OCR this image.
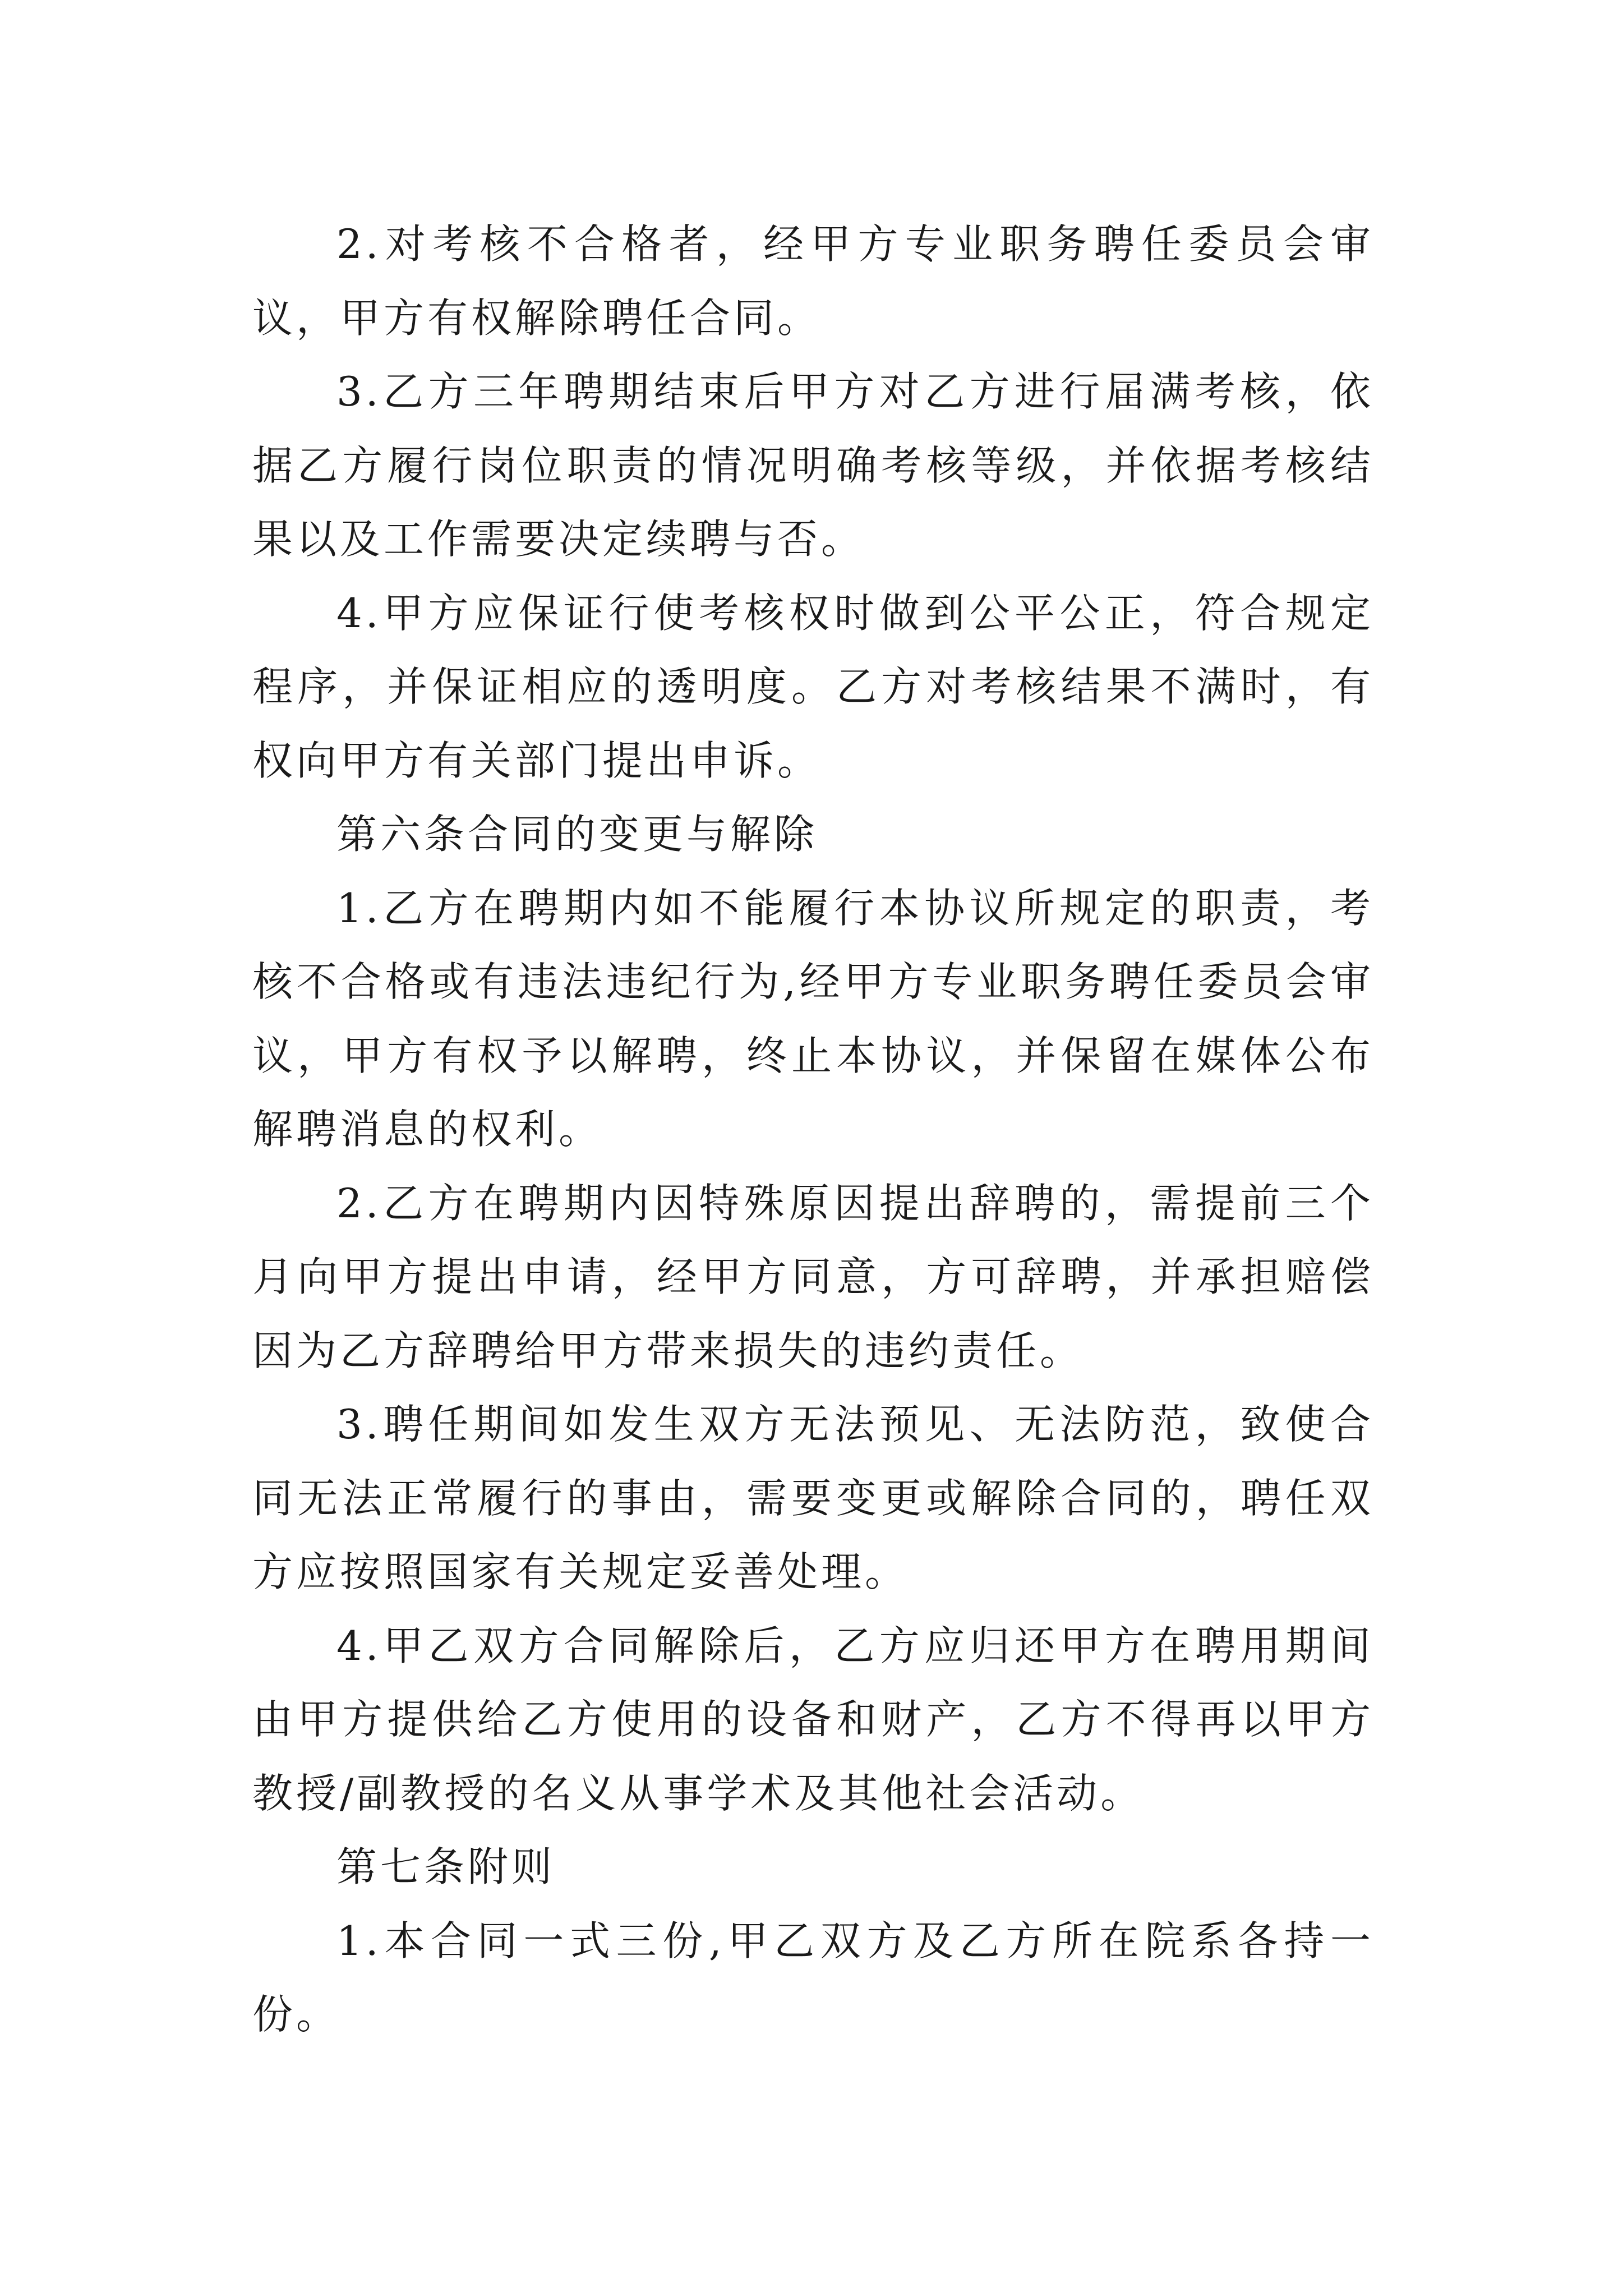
2.对考核不合格者，经甲方专业职务聘任委员会审议，甲方有权解除聘任合同。

3.乙方三年聘期结束后甲方对乙方进行届满考核，依据乙方履行岗位职责的情况明确考核等级，并依据考核结果以及工作需要决定续聘与否。

4.甲方应保证行使考核权时做到公平公正，符合规定程序，并保证相应的透明度。乙方对考核结果不满时，有权向甲方有关部门提出申诉。

第六条合同的变更与解除

1.乙方在聘期内如不能履行本协议所规定的职责，考核不合格或有违法违纪行为,经甲方专业职务聘任委员会审议，甲方有权予以解聘，终止本协议，并保留在媒体公布解聘消息的权利。

2.乙方在聘期内因特殊原因提出辞聘的，需提前三个月向甲方提出申请，经甲方同意，方可辞聘，并承担赔偿因为乙方辞聘给甲方带来损失的违约责任。

3.聘任期间如发生双方无法预见、无法防范，致使合同无法正常履行的事由，需要变更或解除合同的，聘任双方应按照国家有关规定妥善处理。

4.甲乙双方合同解除后，乙方应归还甲方在聘用期间由甲方提供给乙方使用的设备和财产，乙方不得再以甲方教授/副教授的名义从事学术及其他社会活动。

第七条附则

1.本合同一式三份,甲乙双方及乙方所在院系各持一份。
